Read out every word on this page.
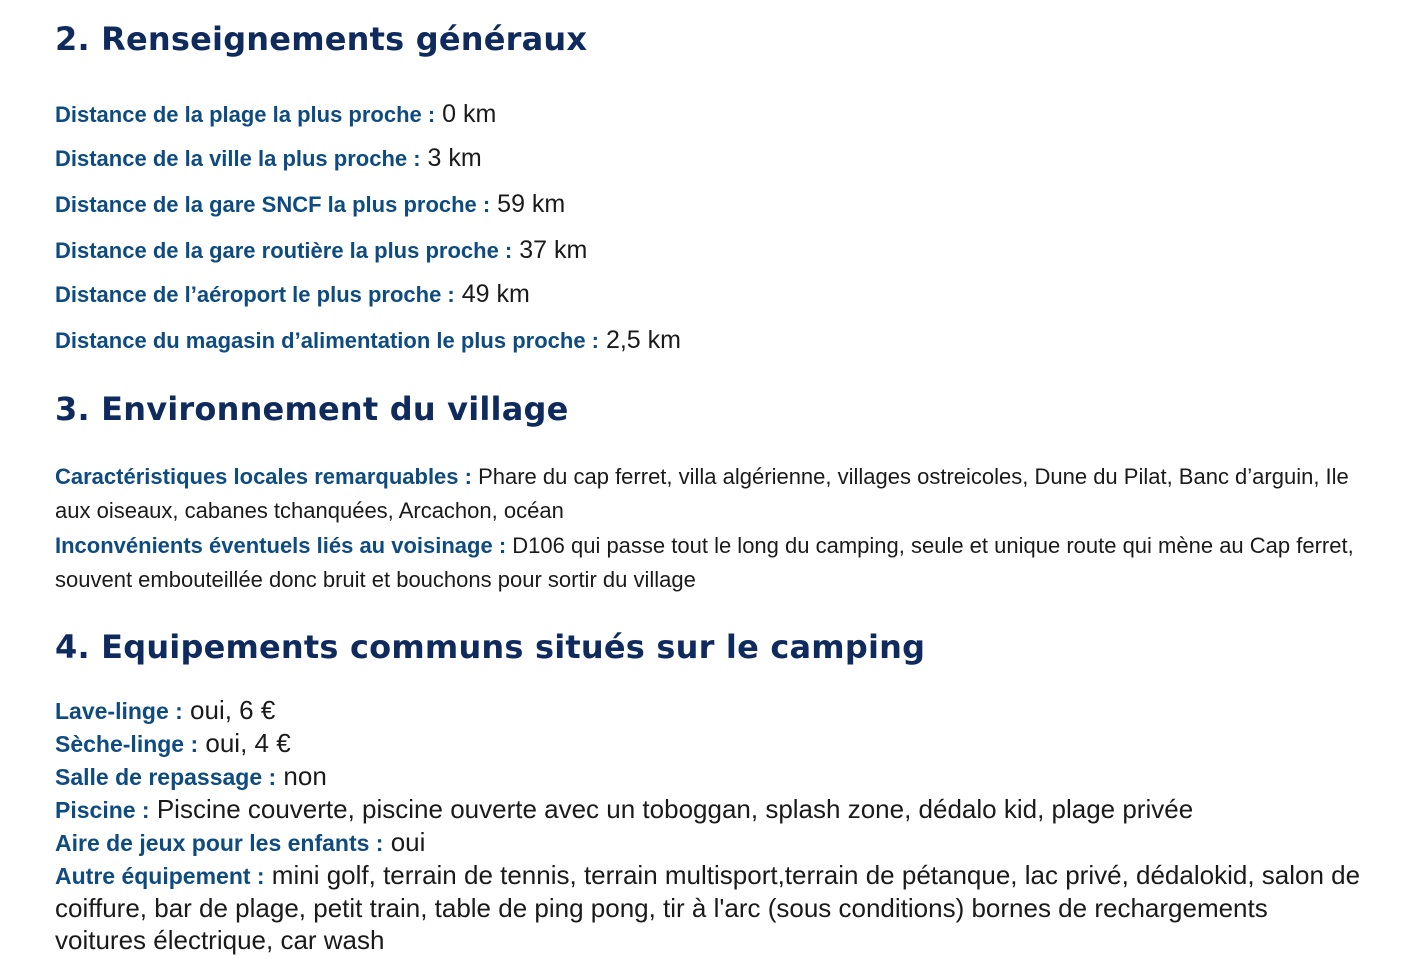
2. Renseignements généraux
Distance de la plage la plus proche : 0 km
Distance de la ville la plus proche : 3 km
Distance de la gare SNCF la plus proche : 59 km
Distance de la gare routière la plus proche : 37 km
Distance de l’aéroport le plus proche : 49 km
Distance du magasin d’alimentation le plus proche : 2,5 km
3. Environnement du village
Caractéristiques locales remarquables : Phare du cap ferret, villa algérienne, villages ostreicoles, Dune du Pilat, Banc d’arguin, Ile aux oiseaux, cabanes tchanquées, Arcachon, océan
Inconvénients éventuels liés au voisinage : D106 qui passe tout le long du camping, seule et unique route qui mène au Cap ferret, souvent embouteillée donc bruit et bouchons pour sortir du village
4. Equipements communs situés sur le camping
Lave-linge : oui, 6 €
Sèche-linge : oui, 4 €
Salle de repassage : non
Piscine : Piscine couverte, piscine ouverte avec un toboggan, splash zone, dédalo kid, plage privée
Aire de jeux pour les enfants : oui
Autre équipement : mini golf, terrain de tennis, terrain multisport,terrain de pétanque, lac privé, dédalokid, salon de coiffure, bar de plage, petit train, table de ping pong, tir à l'arc (sous conditions) bornes de rechargements voitures électrique, car wash
